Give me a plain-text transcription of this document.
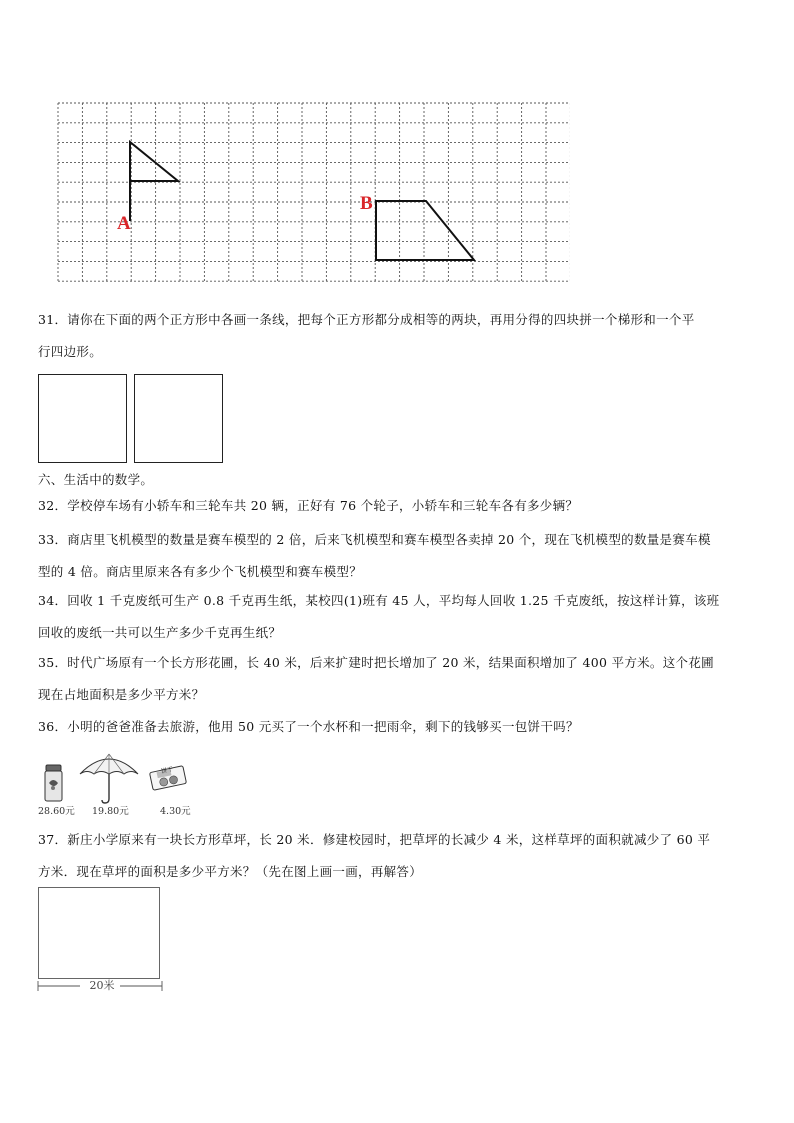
A
B

31．请你在下面的两个正方形中各画一条线，把每个正方形都分成相等的两块，再用分得的四块拼一个梯形和一个平

行四边形。

六、生活中的数学。

32．学校停车场有小轿车和三轮车共 20 辆，正好有 76 个轮子，小轿车和三轮车各有多少辆？

33．商店里飞机模型的数量是赛车模型的 2 倍，后来飞机模型和赛车模型各卖掉 20 个，现在飞机模型的数量是赛车模

型的 4 倍。商店里原来各有多少个飞机模型和赛车模型？

34．回收 1 千克废纸可生产 0.8 千克再生纸，某校四(1)班有 45 人，平均每人回收 1.25 千克废纸，按这样计算，该班

回收的废纸一共可以生产多少千克再生纸？

35．时代广场原有一个长方形花圃，长 40 米，后来扩建时把长增加了 20 米，结果面积增加了 400 平方米。这个花圃

现在占地面积是多少平方米？

36．小明的爸爸准备去旅游，他用 50 元买了一个水杯和一把雨伞，剩下的钱够买一包饼干吗？

28.60元 19.80元
饼干
4.30元

37．新庄小学原来有一块长方形草坪，长 20 米．修建校园时，把草坪的长减少 4 米，这样草坪的面积就减少了 60 平

方米．现在草坪的面积是多少平方米？（先在图上画一画，再解答）

20米
